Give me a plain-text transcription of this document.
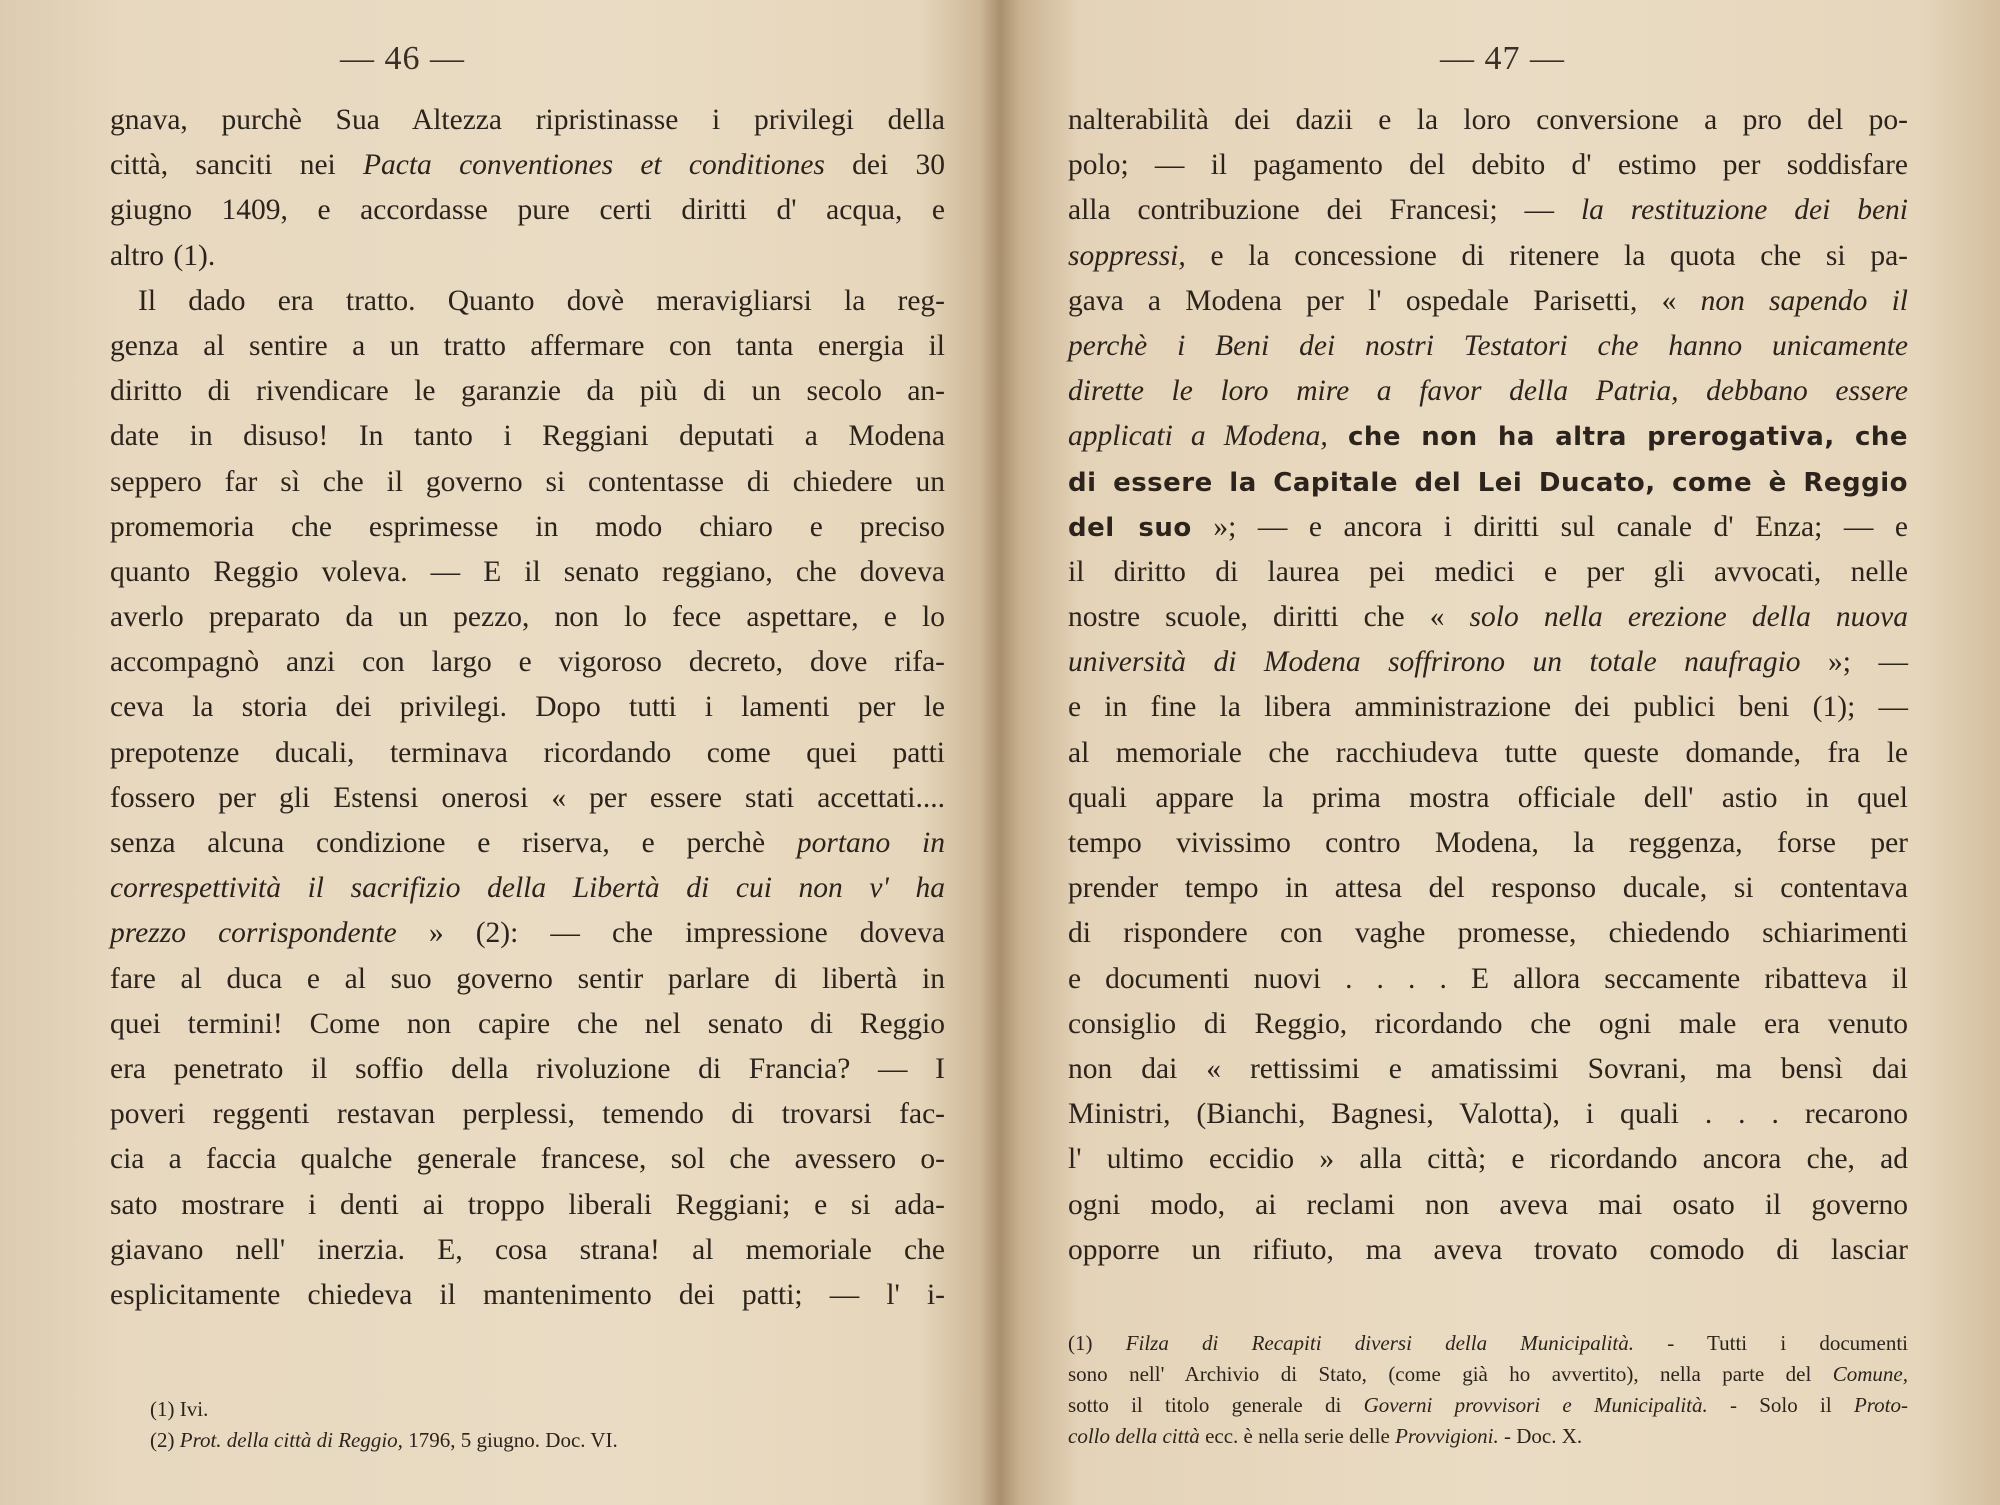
— 46 —
gnava, purchè Sua Altezza ripristinasse i privilegi della
città, sanciti nei Pacta conventiones et conditiones dei 30
giugno 1409, e accordasse pure certi diritti d' acqua, e
altro (1).
Il dado era tratto. Quanto dovè meravigliarsi la reg-
genza al sentire a un tratto affermare con tanta energia il
diritto di rivendicare le garanzie da più di un secolo an-
date in disuso! In tanto i Reggiani deputati a Modena
seppero far sì che il governo si contentasse di chiedere un
promemoria che esprimesse in modo chiaro e preciso
quanto Reggio voleva. — E il senato reggiano, che doveva
averlo preparato da un pezzo, non lo fece aspettare, e lo
accompagnò anzi con largo e vigoroso decreto, dove rifa-
ceva la storia dei privilegi. Dopo tutti i lamenti per le
prepotenze ducali, terminava ricordando come quei patti
fossero per gli Estensi onerosi « per essere stati accettati....
senza alcuna condizione e riserva, e perchè portano in
correspettività il sacrifizio della Libertà di cui non v' ha
prezzo corrispondente » (2): — che impressione doveva
fare al duca e al suo governo sentir parlare di libertà in
quei termini! Come non capire che nel senato di Reggio
era penetrato il soffio della rivoluzione di Francia? — I
poveri reggenti restavan perplessi, temendo di trovarsi fac-
cia a faccia qualche generale francese, sol che avessero o-
sato mostrare i denti ai troppo liberali Reggiani; e si ada-
giavano nell' inerzia. E, cosa strana! al memoriale che
esplicitamente chiedeva il mantenimento dei patti; — l' i-
(1) Ivi.
(2) Prot. della città di Reggio, 1796, 5 giugno. Doc. VI.
— 47 —
nalterabilità dei dazii e la loro conversione a pro del po-
polo; — il pagamento del debito d' estimo per soddisfare
alla contribuzione dei Francesi; — la restituzione dei beni
soppressi, e la concessione di ritenere la quota che si pa-
gava a Modena per l' ospedale Parisetti, « non sapendo il
perchè i Beni dei nostri Testatori che hanno unicamente
dirette le loro mire a favor della Patria, debbano essere
applicati a Modena, che non ha altra prerogativa, che
di essere la Capitale del Lei Ducato, come è Reggio
del suo »; — e ancora i diritti sul canale d' Enza; — e
il diritto di laurea pei medici e per gli avvocati, nelle
nostre scuole, diritti che « solo nella erezione della nuova
università di Modena soffrirono un totale naufragio »; —
e in fine la libera amministrazione dei publici beni (1); —
al memoriale che racchiudeva tutte queste domande, fra le
quali appare la prima mostra officiale dell' astio in quel
tempo vivissimo contro Modena, la reggenza, forse per
prender tempo in attesa del responso ducale, si contentava
di rispondere con vaghe promesse, chiedendo schiarimenti
e documenti nuovi . . . . E allora seccamente ribatteva il
consiglio di Reggio, ricordando che ogni male era venuto
non dai « rettissimi e amatissimi Sovrani, ma bensì dai
Ministri, (Bianchi, Bagnesi, Valotta), i quali . . . recarono
l' ultimo eccidio » alla città; e ricordando ancora che, ad
ogni modo, ai reclami non aveva mai osato il governo
opporre un rifiuto, ma aveva trovato comodo di lasciar
(1) Filza di Recapiti diversi della Municipalità. - Tutti i documenti
sono nell' Archivio di Stato, (come già ho avvertito), nella parte del Comune,
sotto il titolo generale di Governi provvisori e Municipalità. - Solo il Proto-
collo della città ecc. è nella serie delle Provvigioni. - Doc. X.
